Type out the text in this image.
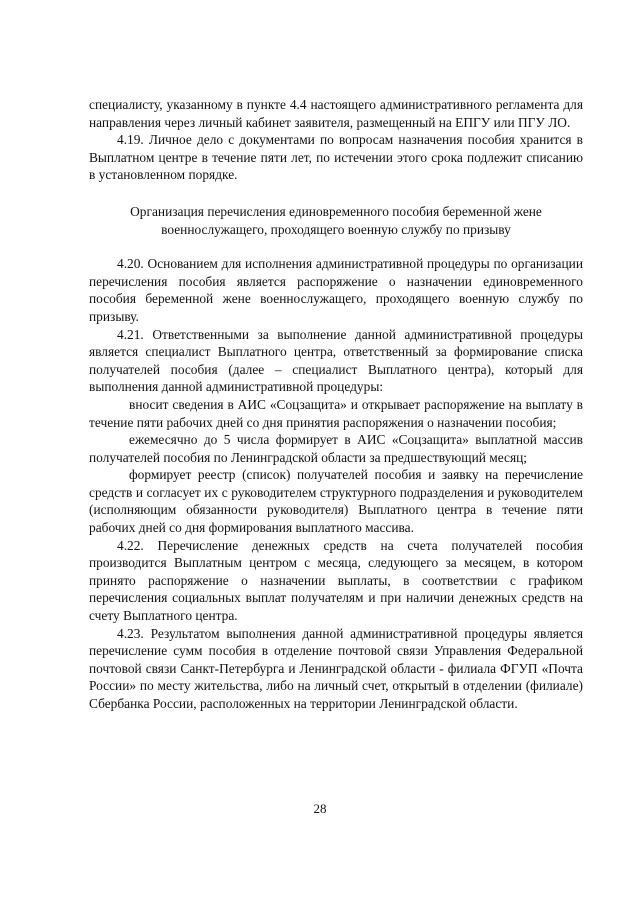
специалисту, указанному в пункте 4.4 настоящего административного регламента для направления через личный кабинет заявителя, размещенный на ЕПГУ или ПГУ ЛО.

4.19. Личное дело с документами по вопросам назначения пособия хранится в Выплатном центре в течение пяти лет, по истечении этого срока подлежит списанию в установленном порядке.

Организация перечисления единовременного пособия беременной жене военнослужащего, проходящего военную службу по призыву

4.20. Основанием для исполнения административной процедуры по организации перечисления пособия является распоряжение о назначении единовременного пособия беременной жене военнослужащего, проходящего военную службу по призыву.

4.21. Ответственными за выполнение данной административной процедуры является специалист Выплатного центра, ответственный за формирование списка получателей пособия (далее – специалист Выплатного центра), который для выполнения данной административной процедуры:

вносит сведения в АИС «Соцзащита» и открывает распоряжение на выплату в течение пяти рабочих дней со дня принятия распоряжения о назначении пособия;

ежемесячно до 5 числа формирует в АИС «Соцзащита» выплатной массив получателей пособия по Ленинградской области за предшествующий месяц;

формирует реестр (список) получателей пособия и заявку на перечисление средств и согласует их с руководителем структурного подразделения и руководителем (исполняющим обязанности руководителя) Выплатного центра в течение пяти рабочих дней со дня формирования выплатного массива.

4.22. Перечисление денежных средств на счета получателей пособия производится Выплатным центром с месяца, следующего за месяцем, в котором принято распоряжение о назначении выплаты, в соответствии с графиком перечисления социальных выплат получателям и при наличии денежных средств на счету Выплатного центра.

4.23. Результатом выполнения данной административной процедуры является перечисление сумм пособия в отделение почтовой связи Управления Федеральной почтовой связи Санкт-Петербурга и Ленинградской области - филиала ФГУП «Почта России» по месту жительства, либо на личный счет, открытый в отделении (филиале) Сбербанка России, расположенных на территории Ленинградской области.

28
